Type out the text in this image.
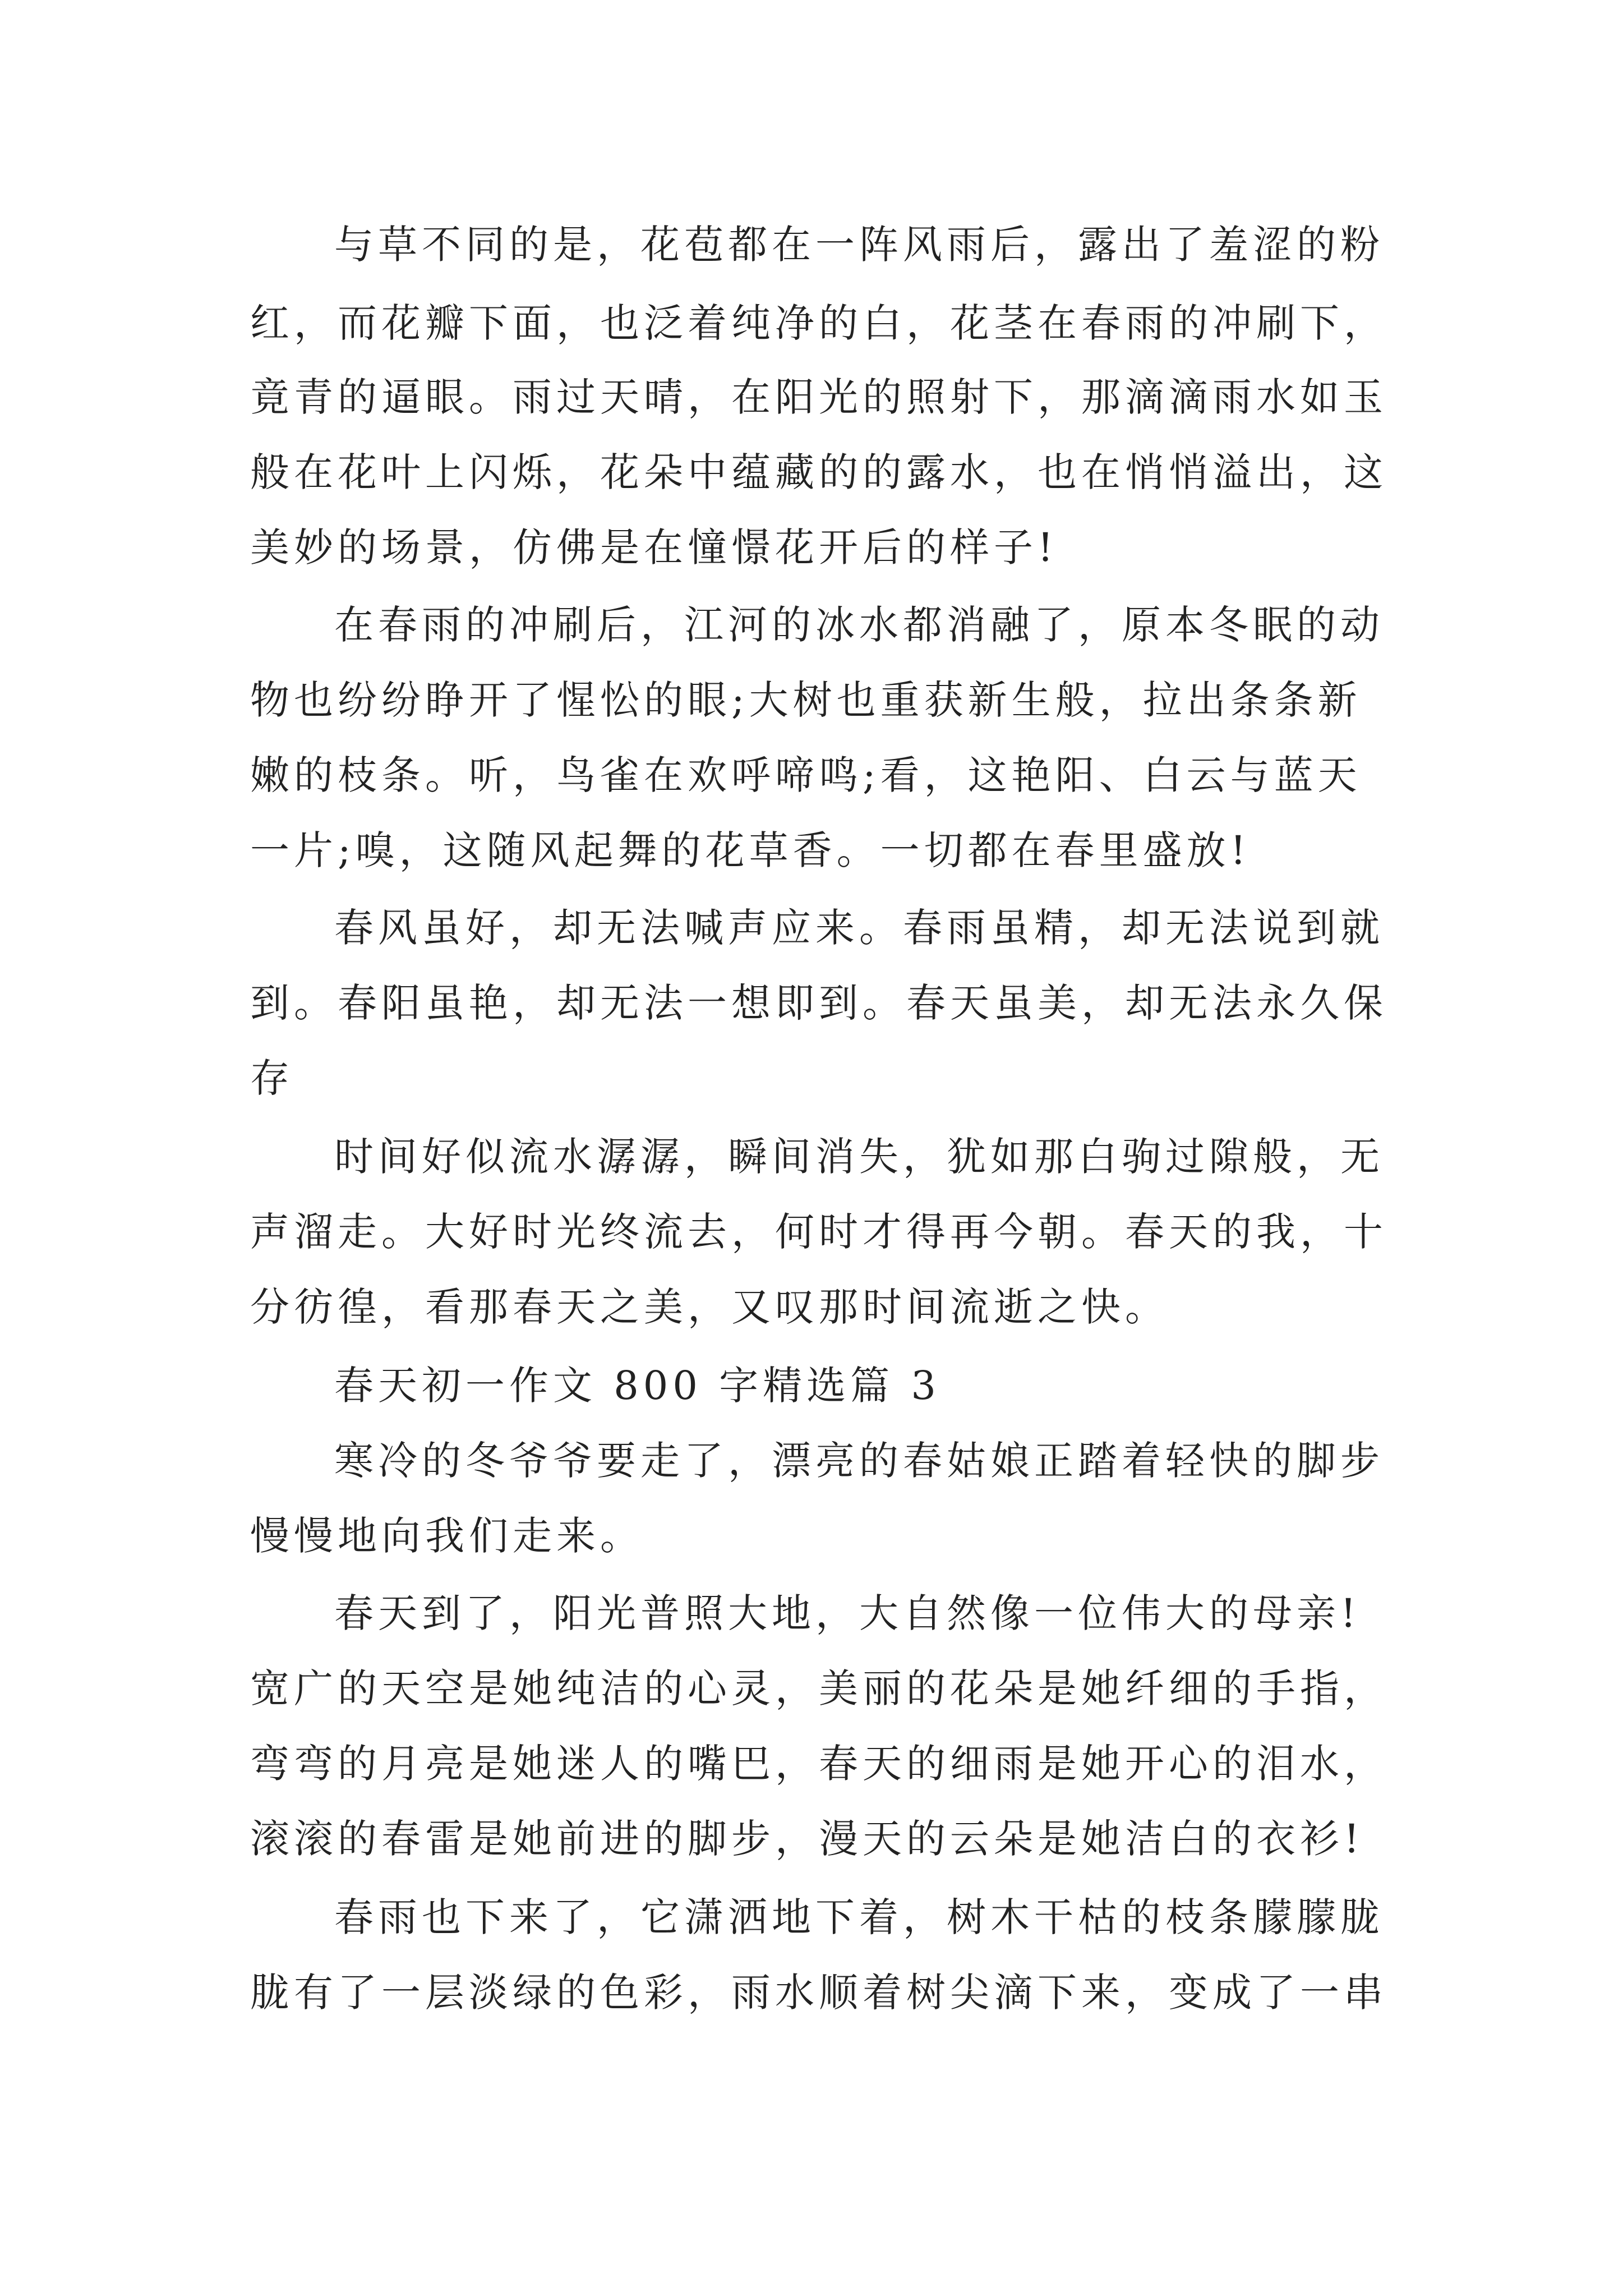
与草不同的是，花苞都在一阵风雨后，露出了羞涩的粉
红，而花瓣下面，也泛着纯净的白，花茎在春雨的冲刷下，
竟青的逼眼。雨过天晴，在阳光的照射下，那滴滴雨水如玉
般在花叶上闪烁，花朵中蕴藏的的露水，也在悄悄溢出，这
美妙的场景，仿佛是在憧憬花开后的样子!
在春雨的冲刷后，江河的冰水都消融了，原本冬眠的动
物也纷纷睁开了惺忪的眼;大树也重获新生般，拉出条条新
嫩的枝条。听，鸟雀在欢呼啼鸣;看，这艳阳、白云与蓝天
一片;嗅，这随风起舞的花草香。一切都在春里盛放!
春风虽好，却无法喊声应来。春雨虽精，却无法说到就
到。春阳虽艳，却无法一想即到。春天虽美，却无法永久保
存
时间好似流水潺潺，瞬间消失，犹如那白驹过隙般，无
声溜走。大好时光终流去，何时才得再今朝。春天的我，十
分彷徨，看那春天之美，又叹那时间流逝之快。
春天初一作文 800 字精选篇 3
寒冷的冬爷爷要走了，漂亮的春姑娘正踏着轻快的脚步
慢慢地向我们走来。
春天到了，阳光普照大地，大自然像一位伟大的母亲!
宽广的天空是她纯洁的心灵，美丽的花朵是她纤细的手指，
弯弯的月亮是她迷人的嘴巴，春天的细雨是她开心的泪水，
滚滚的春雷是她前进的脚步，漫天的云朵是她洁白的衣衫!
春雨也下来了，它潇洒地下着，树木干枯的枝条朦朦胧
胧有了一层淡绿的色彩，雨水顺着树尖滴下来，变成了一串
